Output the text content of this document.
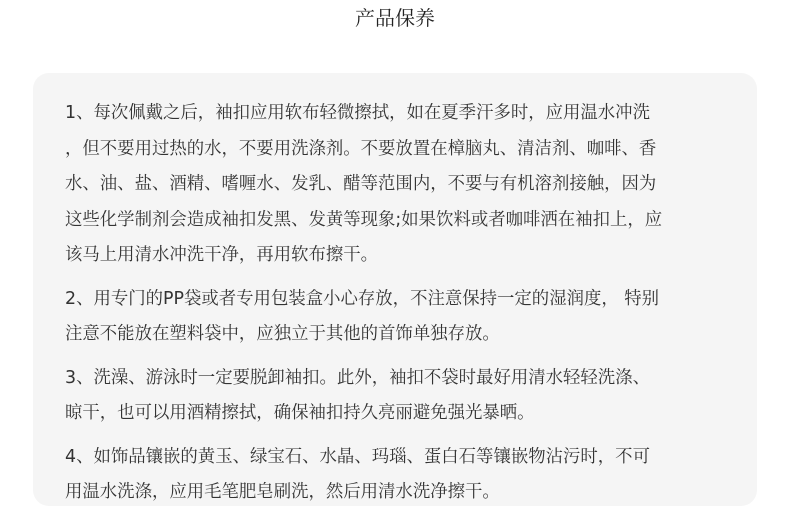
产品保养

1、每次佩戴之后，袖扣应用软布轻微擦拭，如在夏季汗多时，应用温水冲洗
，但不要用过热的水，不要用洗涤剂。不要放置在樟脑丸、清洁剂、咖啡、香
水、油、盐、酒精、嗜喱水、发乳、醋等范围内，不要与有机溶剂接触，因为
这些化学制剂会造成袖扣发黑、发黄等现象;如果饮料或者咖啡洒在袖扣上，应
该马上用清水冲洗干净，再用软布擦干。

2、用专门的PP袋或者专用包装盒小心存放，不注意保持一定的湿润度， 特别
注意不能放在塑料袋中，应独立于其他的首饰单独存放。

3、洗澡、游泳时一定要脱卸袖扣。此外，袖扣不袋时最好用清水轻轻洗涤、
晾干，也可以用酒精擦拭，确保袖扣持久亮丽避免强光暴晒。

4、如饰品镶嵌的黄玉、绿宝石、水晶、玛瑙、蛋白石等镶嵌物沾污时，不可
用温水洗涤，应用毛笔肥皂刷洗，然后用清水洗净擦干。
